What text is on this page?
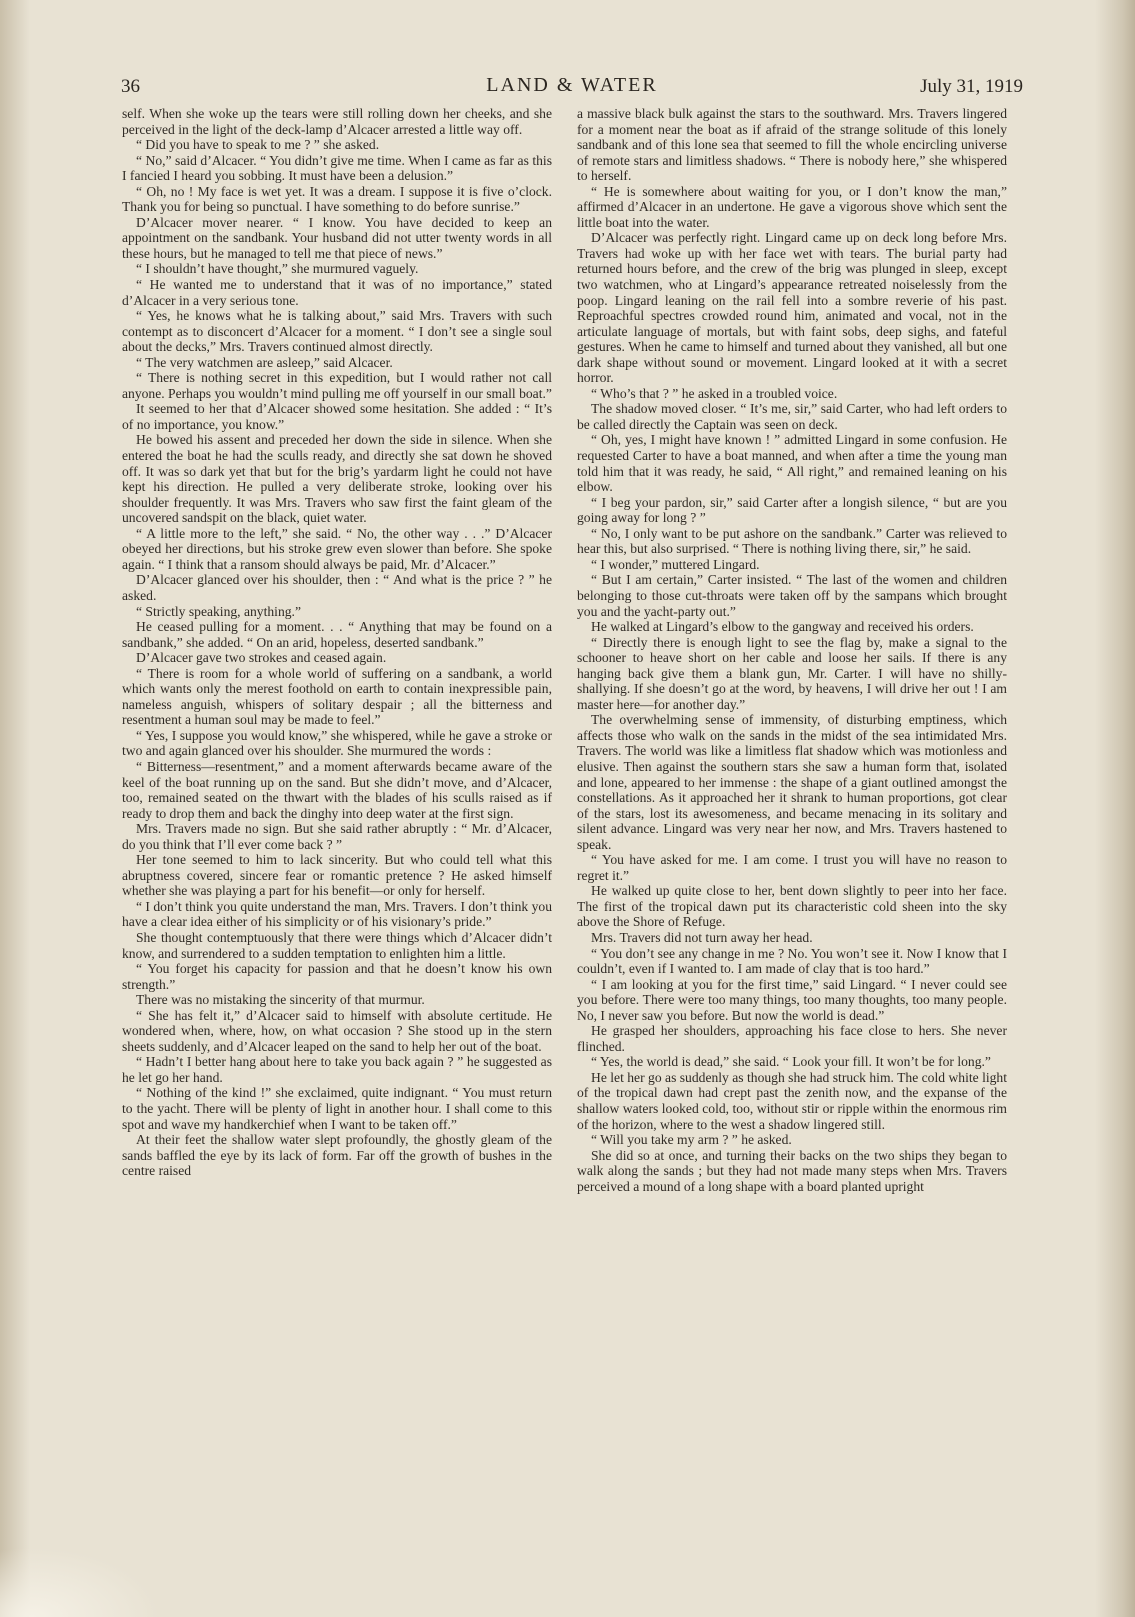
36	LAND & WATER	July 31, 1919

self. When she woke up the tears were still rolling down her cheeks, and she perceived in the light of the deck-lamp d’Alcacer arrested a little way off.

“ Did you have to speak to me ? ” she asked.

“ No,” said d’Alcacer. “ You didn’t give me time. When I came as far as this I fancied I heard you sobbing. It must have been a delusion.”

“ Oh, no ! My face is wet yet. It was a dream. I suppose it is five o’clock. Thank you for being so punctual. I have something to do before sunrise.”

D’Alcacer mover nearer. “ I know. You have decided to keep an appointment on the sandbank. Your husband did not utter twenty words in all these hours, but he managed to tell me that piece of news.”

“ I shouldn’t have thought,” she murmured vaguely.

“ He wanted me to understand that it was of no importance,” stated d’Alcacer in a very serious tone.

“ Yes, he knows what he is talking about,” said Mrs. Travers with such contempt as to disconcert d’Alcacer for a moment. “ I don’t see a single soul about the decks,” Mrs. Travers continued almost directly.

“ The very watchmen are asleep,” said Alcacer.

“ There is nothing secret in this expedition, but I would rather not call anyone. Perhaps you wouldn’t mind pulling me off yourself in our small boat.”

It seemed to her that d’Alcacer showed some hesitation. She added : “ It’s of no importance, you know.”

He bowed his assent and preceded her down the side in silence. When she entered the boat he had the sculls ready, and directly she sat down he shoved off. It was so dark yet that but for the brig’s yardarm light he could not have kept his direction. He pulled a very deliberate stroke, looking over his shoulder frequently. It was Mrs. Travers who saw first the faint gleam of the uncovered sandspit on the black, quiet water.

“ A little more to the left,” she said. “ No, the other way . . .” D’Alcacer obeyed her directions, but his stroke grew even slower than before. She spoke again. “ I think that a ransom should always be paid, Mr. d’Alcacer.”

D’Alcacer glanced over his shoulder, then : “ And what is the price ? ” he asked.

“ Strictly speaking, anything.”

He ceased pulling for a moment. . . “ Anything that may be found on a sandbank,” she added. “ On an arid, hopeless, deserted sandbank.”

D’Alcacer gave two strokes and ceased again.

“ There is room for a whole world of suffering on a sandbank, a world which wants only the merest foothold on earth to contain inexpressible pain, nameless anguish, whispers of solitary despair ; all the bitterness and resentment a human soul may be made to feel.”

“ Yes, I suppose you would know,” she whispered, while he gave a stroke or two and again glanced over his shoulder. She murmured the words :

“ Bitterness—resentment,” and a moment afterwards became aware of the keel of the boat running up on the sand. But she didn’t move, and d’Alcacer, too, remained seated on the thwart with the blades of his sculls raised as if ready to drop them and back the dinghy into deep water at the first sign.

Mrs. Travers made no sign. But she said rather abruptly : “ Mr. d’Alcacer, do you think that I’ll ever come back ? ”

Her tone seemed to him to lack sincerity. But who could tell what this abruptness covered, sincere fear or romantic pretence ? He asked himself whether she was playing a part for his benefit—or only for herself.

“ I don’t think you quite understand the man, Mrs. Travers. I don’t think you have a clear idea either of his simplicity or of his visionary’s pride.”

She thought contemptuously that there were things which d’Alcacer didn’t know, and surrendered to a sudden temptation to enlighten him a little.

“ You forget his capacity for passion and that he doesn’t know his own strength.”

There was no mistaking the sincerity of that murmur.

“ She has felt it,” d’Alcacer said to himself with absolute certitude. He wondered when, where, how, on what occasion ? She stood up in the stern sheets suddenly, and d’Alcacer leaped on the sand to help her out of the boat.

“ Hadn’t I better hang about here to take you back again ? ” he suggested as he let go her hand.

“ Nothing of the kind !” she exclaimed, quite indignant. “ You must return to the yacht. There will be plenty of light in another hour. I shall come to this spot and wave my handkerchief when I want to be taken off.”

At their feet the shallow water slept profoundly, the ghostly gleam of the sands baffled the eye by its lack of form. Far off the growth of bushes in the centre raised

a massive black bulk against the stars to the southward. Mrs. Travers lingered for a moment near the boat as if afraid of the strange solitude of this lonely sandbank and of this lone sea that seemed to fill the whole encircling universe of remote stars and limitless shadows. “ There is nobody here,” she whispered to herself.

“ He is somewhere about waiting for you, or I don’t know the man,” affirmed d’Alcacer in an undertone. He gave a vigorous shove which sent the little boat into the water.

D’Alcacer was perfectly right. Lingard came up on deck long before Mrs. Travers had woke up with her face wet with tears. The burial party had returned hours before, and the crew of the brig was plunged in sleep, except two watchmen, who at Lingard’s appearance retreated noiselessly from the poop. Lingard leaning on the rail fell into a sombre reverie of his past. Reproachful spectres crowded round him, animated and vocal, not in the articulate language of mortals, but with faint sobs, deep sighs, and fateful gestures. When he came to himself and turned about they vanished, all but one dark shape without sound or movement. Lingard looked at it with a secret horror.

“ Who’s that ? ” he asked in a troubled voice.

The shadow moved closer. “ It’s me, sir,” said Carter, who had left orders to be called directly the Captain was seen on deck.

“ Oh, yes, I might have known ! ” admitted Lingard in some confusion. He requested Carter to have a boat manned, and when after a time the young man told him that it was ready, he said, “ All right,” and remained leaning on his elbow.

“ I beg your pardon, sir,” said Carter after a longish silence, “ but are you going away for long ? ”

“ No, I only want to be put ashore on the sandbank.” Carter was relieved to hear this, but also surprised. “ There is nothing living there, sir,” he said.

“ I wonder,” muttered Lingard.

“ But I am certain,” Carter insisted. “ The last of the women and children belonging to those cut-throats were taken off by the sampans which brought you and the yacht-party out.”

He walked at Lingard’s elbow to the gangway and received his orders.

“ Directly there is enough light to see the flag by, make a signal to the schooner to heave short on her cable and loose her sails. If there is any hanging back give them a blank gun, Mr. Carter. I will have no shilly-shallying. If she doesn’t go at the word, by heavens, I will drive her out ! I am master here—for another day.”

The overwhelming sense of immensity, of disturbing emptiness, which affects those who walk on the sands in the midst of the sea intimidated Mrs. Travers. The world was like a limitless flat shadow which was motionless and elusive. Then against the southern stars she saw a human form that, isolated and lone, appeared to her immense : the shape of a giant outlined amongst the constellations. As it approached her it shrank to human proportions, got clear of the stars, lost its awesomeness, and became menacing in its solitary and silent advance. Lingard was very near her now, and Mrs. Travers hastened to speak.

“ You have asked for me. I am come. I trust you will have no reason to regret it.”

He walked up quite close to her, bent down slightly to peer into her face. The first of the tropical dawn put its characteristic cold sheen into the sky above the Shore of Refuge.

Mrs. Travers did not turn away her head.

“ You don’t see any change in me ? No. You won’t see it. Now I know that I couldn’t, even if I wanted to. I am made of clay that is too hard.”

“ I am looking at you for the first time,” said Lingard. “ I never could see you before. There were too many things, too many thoughts, too many people. No, I never saw you before. But now the world is dead.”

He grasped her shoulders, approaching his face close to hers. She never flinched.

“ Yes, the world is dead,” she said. “ Look your fill. It won’t be for long.”

He let her go as suddenly as though she had struck him. The cold white light of the tropical dawn had crept past the zenith now, and the expanse of the shallow waters looked cold, too, without stir or ripple within the enormous rim of the horizon, where to the west a shadow lingered still.

“ Will you take my arm ? ” he asked.

She did so at once, and turning their backs on the two ships they began to walk along the sands ; but they had not made many steps when Mrs. Travers perceived a mound of a long shape with a board planted upright
